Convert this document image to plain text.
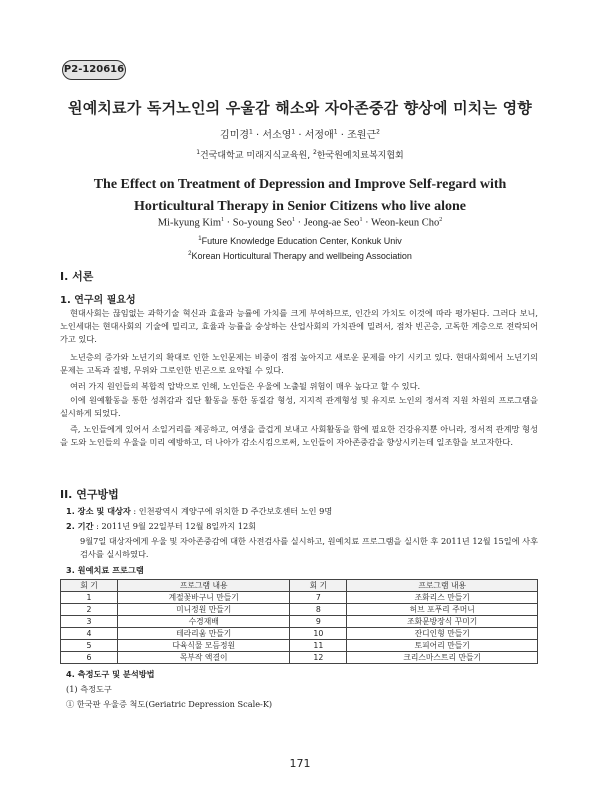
P2-120616
원예치료가 독거노인의 우울감 해소와 자아존중감 향상에 미치는 영향
김미경$^1$ · 서소영$^1$ · 서정애$^1$ · 조원근$^2$
$^1$건국대학교 미래지식교육원, $^2$한국원예치료복지협회
The Effect on Treatment of Depression and Improve Self-regard with
Horticultural Therapy in Senior Citizens who live alone
Mi-kyung Kim$^1$ · So-young Seo$^1$ · Jeong-ae Seo$^1$ · Weon-keun Cho$^2$
$^1$Future Knowledge Education Center, Konkuk Univ
$^2$Korean Horticultural Therapy and wellbeing Association
I. 서론
1. 연구의 필요성
현대사회는 끊임없는 과학기술 혁신과 효율과 능률에 가치를 크게 부여하므로, 인간의 가치도 이것에 따라 평가된다. 그러다 보니, 노인세대는 현대사회의 기술에 밀리고, 효율과 능률을 숭상하는 산업사회의 가치관에 밀려서, 점차 빈곤층, 고독한 계층으로 전락되어가고 있다.
노년층의 증가와 노년기의 확대로 인한 노인문제는 비중이 점점 높아지고 새로운 문제를 야기 시키고 있다. 현대사회에서 노년기의 문제는 고독과 질병, 무위와 그로인한 빈곤으로 요약될 수 있다.
여러 가지 원인들의 복합적 압박으로 인해, 노인들은 우울에 노출될 위험이 매우 높다고 할 수 있다.
이에 원예활동을 통한 성취감과 집단 활동을 통한 동질감 형성, 지지적 관계형성 및 유지로 노인의 정서적 지원 차원의 프로그램을 실시하게 되었다.
즉, 노인들에게 있어서 소일거리를 제공하고, 여생을 즐겁게 보내고 사회활동을 함에 필요한 건강유지뿐 아니라, 정서적 관계망 형성을 도와 노인들의 우울을 미리 예방하고, 더 나아가 감소시킴으로써, 노인들이 자아존중감을 향상시키는데 일조함을 보고자한다.
II. 연구방법
1. 장소 및 대상자 : 인천광역시 계양구에 위치한 D 주간보호센터 노인 9명
2. 기간 : 2011년 9월 22일부터 12월 8일까지 12회
9월7일 대상자에게 우울 및 자아존중감에 대한 사전검사를 실시하고, 원예치료 프로그램을 실시한 후 2011년 12월 15일에 사후검사를 실시하였다.
3. 원예치료 프로그램
회 기	프로그램 내용	회 기	프로그램 내용
1	계절꽃바구니 만들기	7	조화리스 만들기
2	미니정원 만들기	8	허브 포푸리 주머니
3	수경재배	9	조화문방장식 꾸미기
4	테라리움 만들기	10	잔디인형 만들기
5	다육식물 모듬정원	11	토피어리 만들기
6	목부작 액결이	12	크리스마스트리 만들기
4. 측정도구 및 분석방법
(1) 측정도구
① 한국판 우울증 척도(Geriatric Depression Scale-K)
171
